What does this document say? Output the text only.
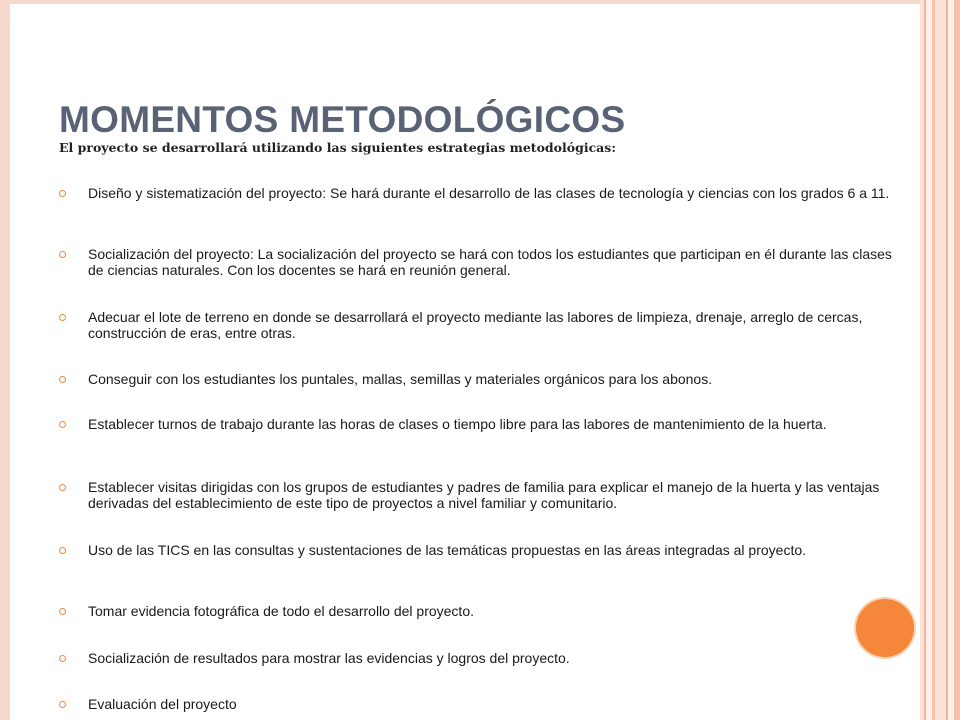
MOMENTOS METODOLÓGICOS
El proyecto se desarrollará utilizando las siguientes estrategias metodológicas:
Diseño y sistematización del proyecto: Se hará durante el desarrollo de las clases de tecnología y ciencias con los grados 6 a 11.
Socialización del proyecto: La socialización del proyecto se hará con todos los estudiantes que participan en él durante las clases de ciencias naturales. Con los docentes se hará en reunión general.
Adecuar el lote de terreno en donde se desarrollará el proyecto mediante las labores de limpieza, drenaje, arreglo de cercas, construcción de eras, entre otras.
Conseguir con los estudiantes los puntales, mallas, semillas y materiales orgánicos para los abonos.
Establecer turnos de trabajo durante las horas de clases o tiempo libre para las labores de mantenimiento de la huerta.
Establecer visitas dirigidas con los grupos de estudiantes y padres de familia para explicar el manejo de la huerta y las ventajas derivadas del establecimiento de este tipo de proyectos a nivel familiar y comunitario.
Uso de las TICS en las consultas y sustentaciones de las temáticas propuestas en las áreas integradas al proyecto.
Tomar evidencia fotográfica de todo el desarrollo del proyecto.
Socialización de resultados para mostrar las evidencias y logros del proyecto.
Evaluación del proyecto
